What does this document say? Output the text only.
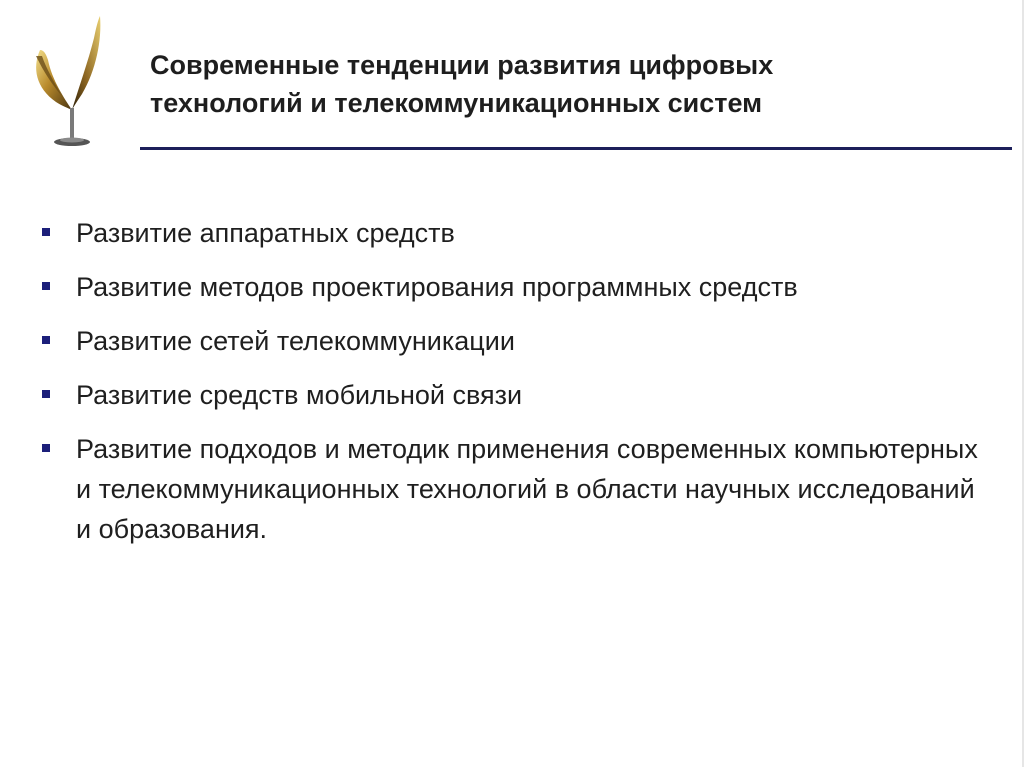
Современные тенденции развития цифровых
технологий и телекоммуникационных систем
Развитие аппаратных средств
Развитие методов проектирования программных средств
Развитие сетей телекоммуникации
Развитие средств мобильной связи
Развитие подходов и методик применения современных компьютерных и телекоммуникационных технологий в области научных исследований и образования.
